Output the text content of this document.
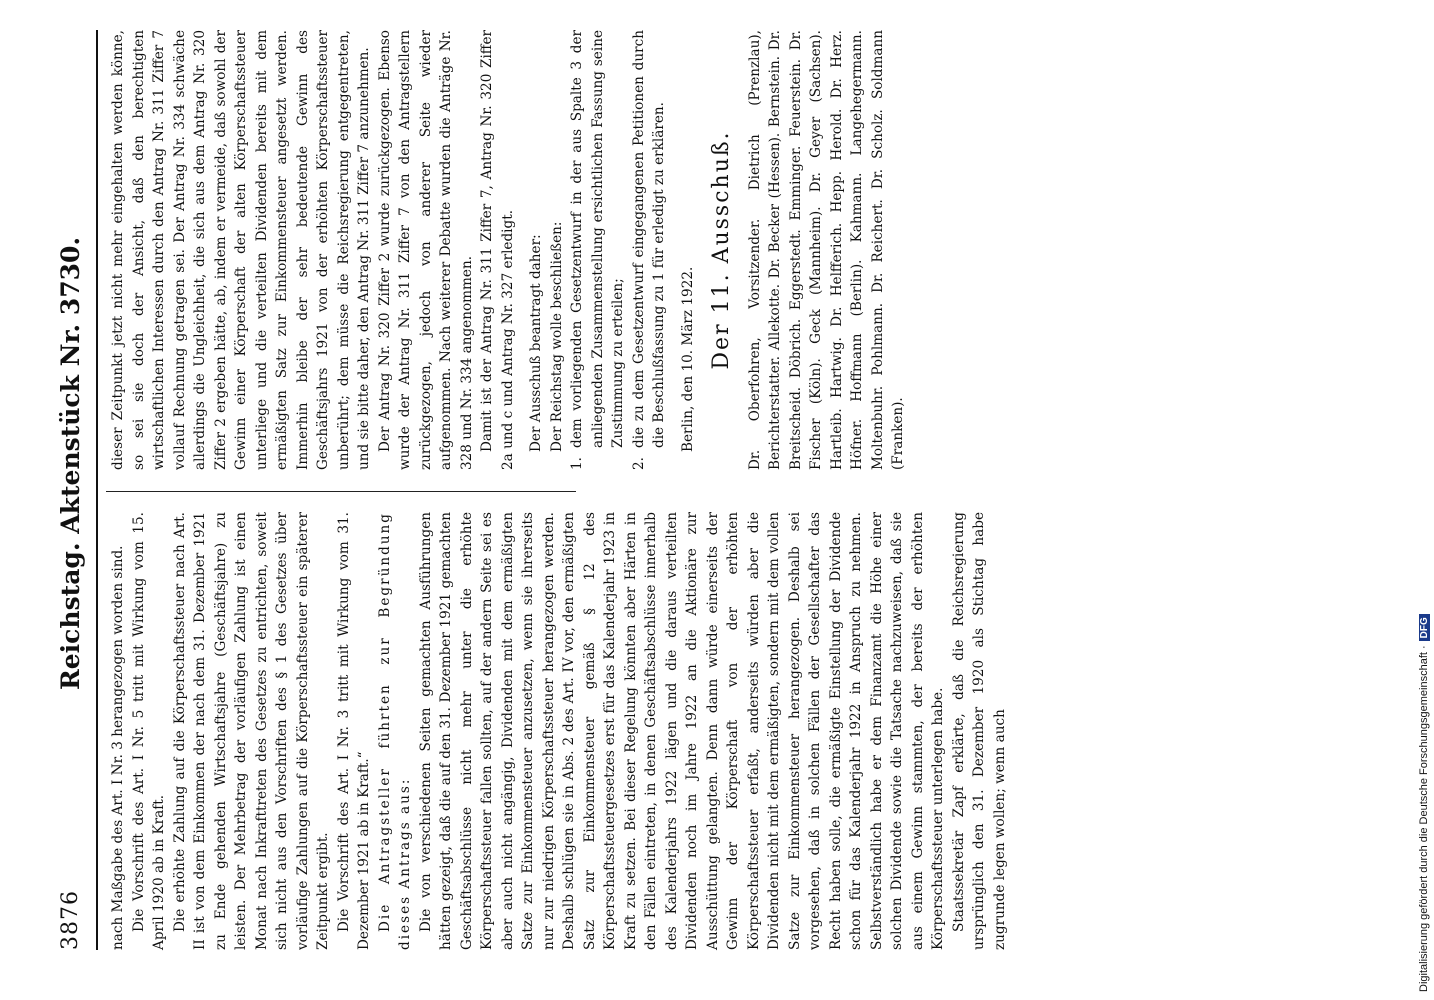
3876
Reichstag. Aktenstück Nr. 3730.

nach Maßgabe des Art. I Nr. 3 herangezogen worden sind. Die Vorschrift des Art. I Nr. 5 tritt mit Wirkung vom 15. April 1920 ab in Kraft. Die erhöhte Zahlung auf die Körperschaftssteuer nach Art. II ist von dem Einkommen der nach dem 31. Dezember 1921 zu Ende gehenden Wirtschaftsjahre (Geschäftsjahre) zu leisten. Der Mehrbetrag der vorläufigen Zahlung ist einen Monat nach Inkrafttreten des Gesetzes zu entrichten, soweit sich nicht aus den Vorschriften des § 1 des Gesetzes über vorläufige Zahlungen auf die Körperschaftssteuer ein späterer Zeitpunkt ergibt. Die Vorschrift des Art. I Nr. 3 tritt mit Wirkung vom 31. Dezember 1921 ab in Kraft.“ Die Antragsteller führten zur Begründung dieses Antrags aus: Die von verschiedenen Seiten gemachten Ausführungen hätten gezeigt, daß die auf den 31. Dezember 1921 gemachten Geschäftsabschlüsse nicht mehr unter die erhöhte Körperschaftssteuer fallen sollten, auf der andern Seite sei es aber auch nicht angängig, Dividenden mit dem ermäßigten Satze zur Einkommensteuer anzusetzen, wenn sie ihrerseits nur zur niedrigen Körperschaftssteuer herangezogen werden. Deshalb schlügen sie in Abs. 2 des Art. IV vor, den ermäßigten Satz zur Einkommensteuer gemäß § 12 des Körperschaftssteuergesetzes erst für das Kalenderjahr 1923 in Kraft zu setzen. Bei dieser Regelung könnten aber Härten in den Fällen eintreten, in denen Geschäftsabschlüsse innerhalb des Kalenderjahrs 1922 lägen und die daraus verteilten Dividenden noch im Jahre 1922 an die Aktionäre zur Ausschüttung gelangten. Denn dann würde einerseits der Gewinn der Körperschaft von der erhöhten Körperschaftssteuer erfaßt, anderseits würden aber die Dividenden nicht mit dem ermäßigten, sondern mit dem vollen Satze zur Einkommensteuer herangezogen. Deshalb sei vorgesehen, daß in solchen Fällen der Gesellschafter das Recht haben solle, die ermäßigte Einstellung der Dividende schon für das Kalenderjahr 1922 in Anspruch zu nehmen. Selbstverständlich habe er dem Finanzamt die Höhe einer solchen Dividende sowie die Tatsache nachzuweisen, daß sie aus einem Gewinn stammten, der bereits der erhöhten Körperschaftssteuer unterlegen habe. Staatssekretär Zapf erklärte, daß die Reichsregierung ursprünglich den 31. Dezember 1920 als Stichtag habe zugrunde legen wollen; wenn auch

dieser Zeitpunkt jetzt nicht mehr eingehalten werden könne, so sei sie doch der Ansicht, daß den berechtigten wirtschaftlichen Interessen durch den Antrag Nr. 311 Ziffer 7 vollauf Rechnung getragen sei. Der Antrag Nr. 334 schwäche allerdings die Ungleichheit, die sich aus dem Antrag Nr. 320 Ziffer 2 ergeben hätte, ab, indem er vermeide, daß sowohl der Gewinn einer Körperschaft der alten Körperschaftssteuer unterliege und die verteilten Dividenden bereits mit dem ermäßigten Satz zur Einkommensteuer angesetzt werden. Immerhin bleibe der sehr bedeutende Gewinn des Geschäftsjahrs 1921 von der erhöhten Körperschaftssteuer unberührt; dem müsse die Reichsregierung entgegentreten, und sie bitte daher, den Antrag Nr. 311 Ziffer 7 anzunehmen. Der Antrag Nr. 320 Ziffer 2 wurde zurückgezogen. Ebenso wurde der Antrag Nr. 311 Ziffer 7 von den Antragstellern zurückgezogen, jedoch von anderer Seite wieder aufgenommen. Nach weiterer Debatte wurden die Anträge Nr. 328 und Nr. 334 angenommen. Damit ist der Antrag Nr. 311 Ziffer 7, Antrag Nr. 320 Ziffer 2a und c und Antrag Nr. 327 erledigt. Der Ausschuß beantragt daher: Der Reichstag wolle beschließen:

1.
dem vorliegenden Gesetzentwurf in der aus Spalte 3 der anliegenden Zusammenstellung ersichtlichen Fassung seine Zustimmung zu erteilen;
2.
die zu dem Gesetzentwurf eingegangenen Petitionen durch die Beschlußfassung zu 1 für erledigt zu erklären. Berlin, den 10. März 1922. Der 11. Ausschuß. Dr. Oberfohren, Vorsitzender. Dietrich (Prenzlau), Berichterstatter. Allekotte. Dr. Becker (Hessen). Bernstein. Dr. Breitscheid. Döbrich. Eggerstedt. Emminger. Feuerstein. Dr. Fischer (Köln). Geck (Mannheim). Dr. Geyer (Sachsen). Hartleib. Hartwig. Dr. Helfferich. Hepp. Herold. Dr. Herz. Höfner. Hoffmann (Berlin). Kahmann. Langehegermann. Moltenbuhr. Pohlmann. Dr. Reichert. Dr. Scholz. Soldmann (Franken).

Digitalisierung gefördert durch die Deutsche Forschungsgemeinschaft ·DFG
